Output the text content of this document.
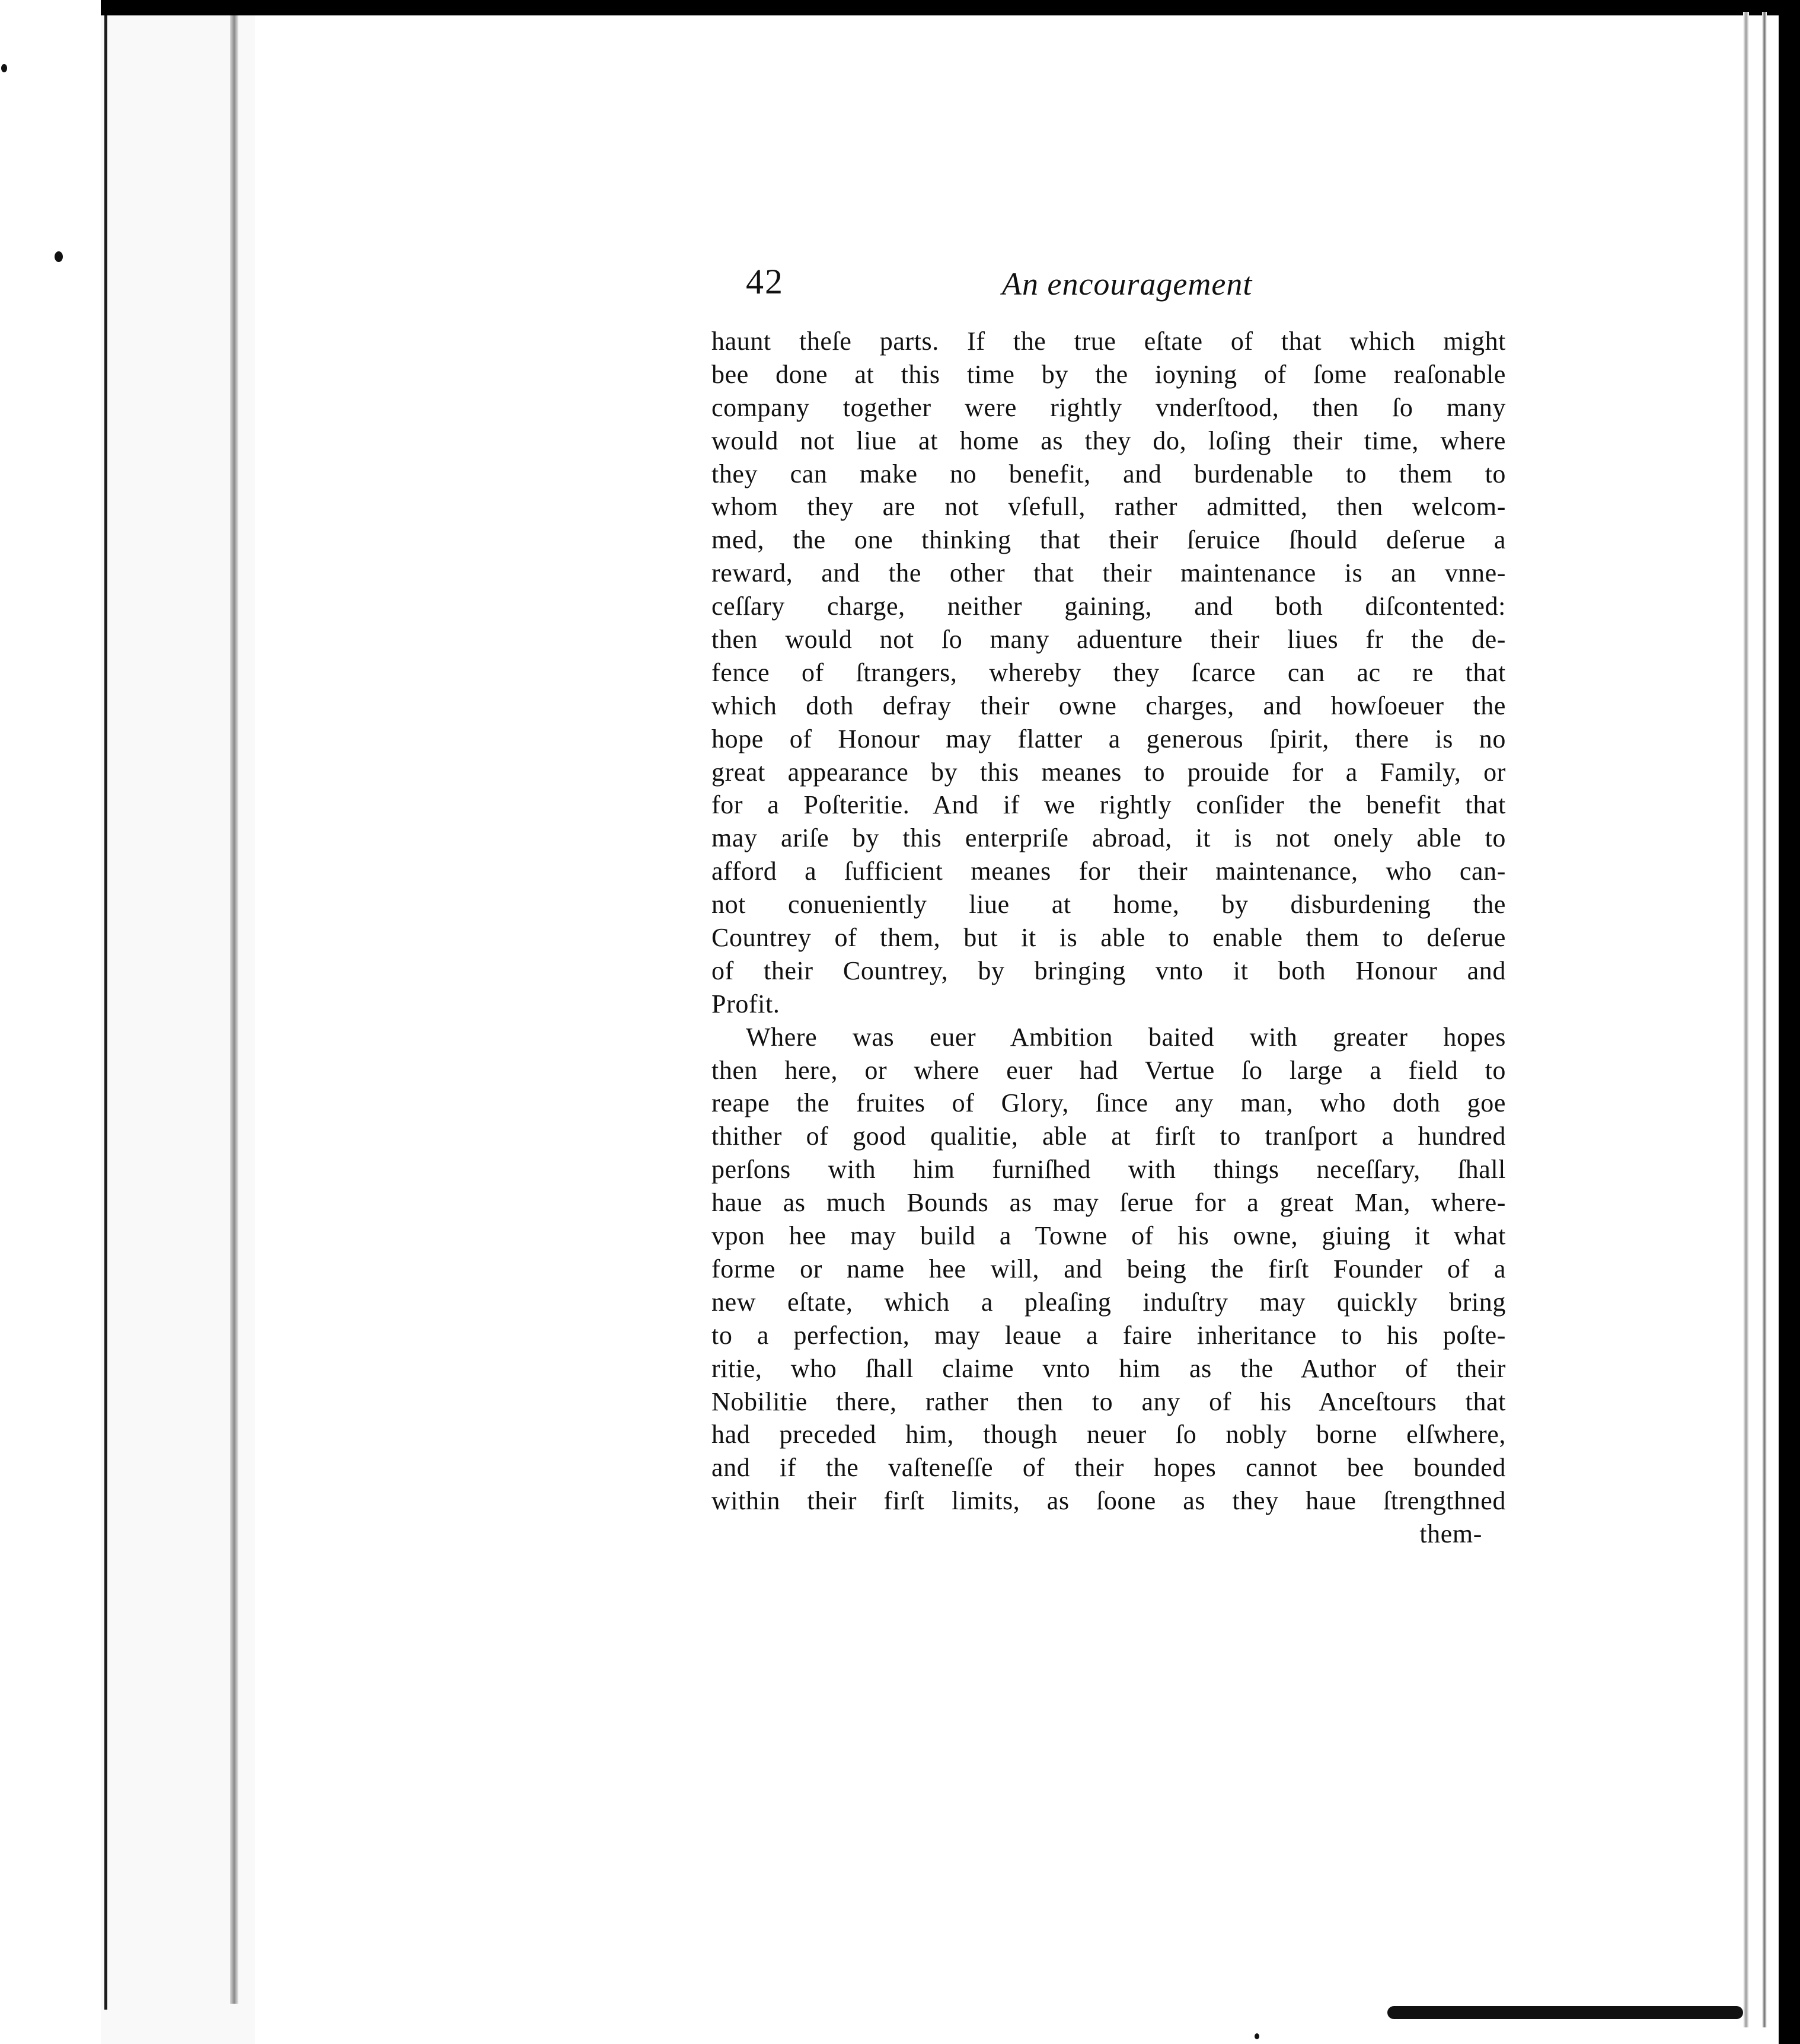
42	An encouragement
haunt theſe parts. If the true eſtate of that which might
bee done at this time by the ioyning of ſome reaſonable
company together were rightly vnderſtood, then ſo many
would not liue at home as they do, loſing their time, where
they can make no benefit, and burdenable to them to
whom they are not vſefull, rather admitted, then welcom-
med, the one thinking that their ſeruice ſhould deſerue a
reward, and the other that their maintenance is an vnne-
ceſſary charge, neither gaining, and both diſcontented:
then would not ſo many aduenture their liues fr the de-
fence of ſtrangers, whereby they ſcarce can ac re that
which doth defray their owne charges, and howſoeuer the
hope of Honour may flatter a generous ſpirit, there is no
great appearance by this meanes to prouide for a Family, or
for a Poſteritie. And if we rightly conſider the benefit that
may ariſe by this enterpriſe abroad, it is not onely able to
afford a ſufficient meanes for their maintenance, who can-
not conueniently liue at home, by disburdening the
Countrey of them, but it is able to enable them to deſerue
of their Countrey, by bringing vnto it both Honour and
Profit.
Where was euer Ambition baited with greater hopes
then here, or where euer had Vertue ſo large a field to
reape the fruites of Glory, ſince any man, who doth goe
thither of good qualitie, able at firſt to tranſport a hundred
perſons with him furniſhed with things neceſſary, ſhall
haue as much Bounds as may ſerue for a great Man, where-
vpon hee may build a Towne of his owne, giuing it what
forme or name hee will, and being the firſt Founder of a
new eſtate, which a pleaſing induſtry may quickly bring
to a perfection, may leaue a faire inheritance to his poſte-
ritie, who ſhall claime vnto him as the Author of their
Nobilitie there, rather then to any of his Anceſtours that
had preceded him, though neuer ſo nobly borne elſwhere,
and if the vaſteneſſe of their hopes cannot bee bounded
within their firſt limits, as ſoone as they haue ſtrengthned
them-
